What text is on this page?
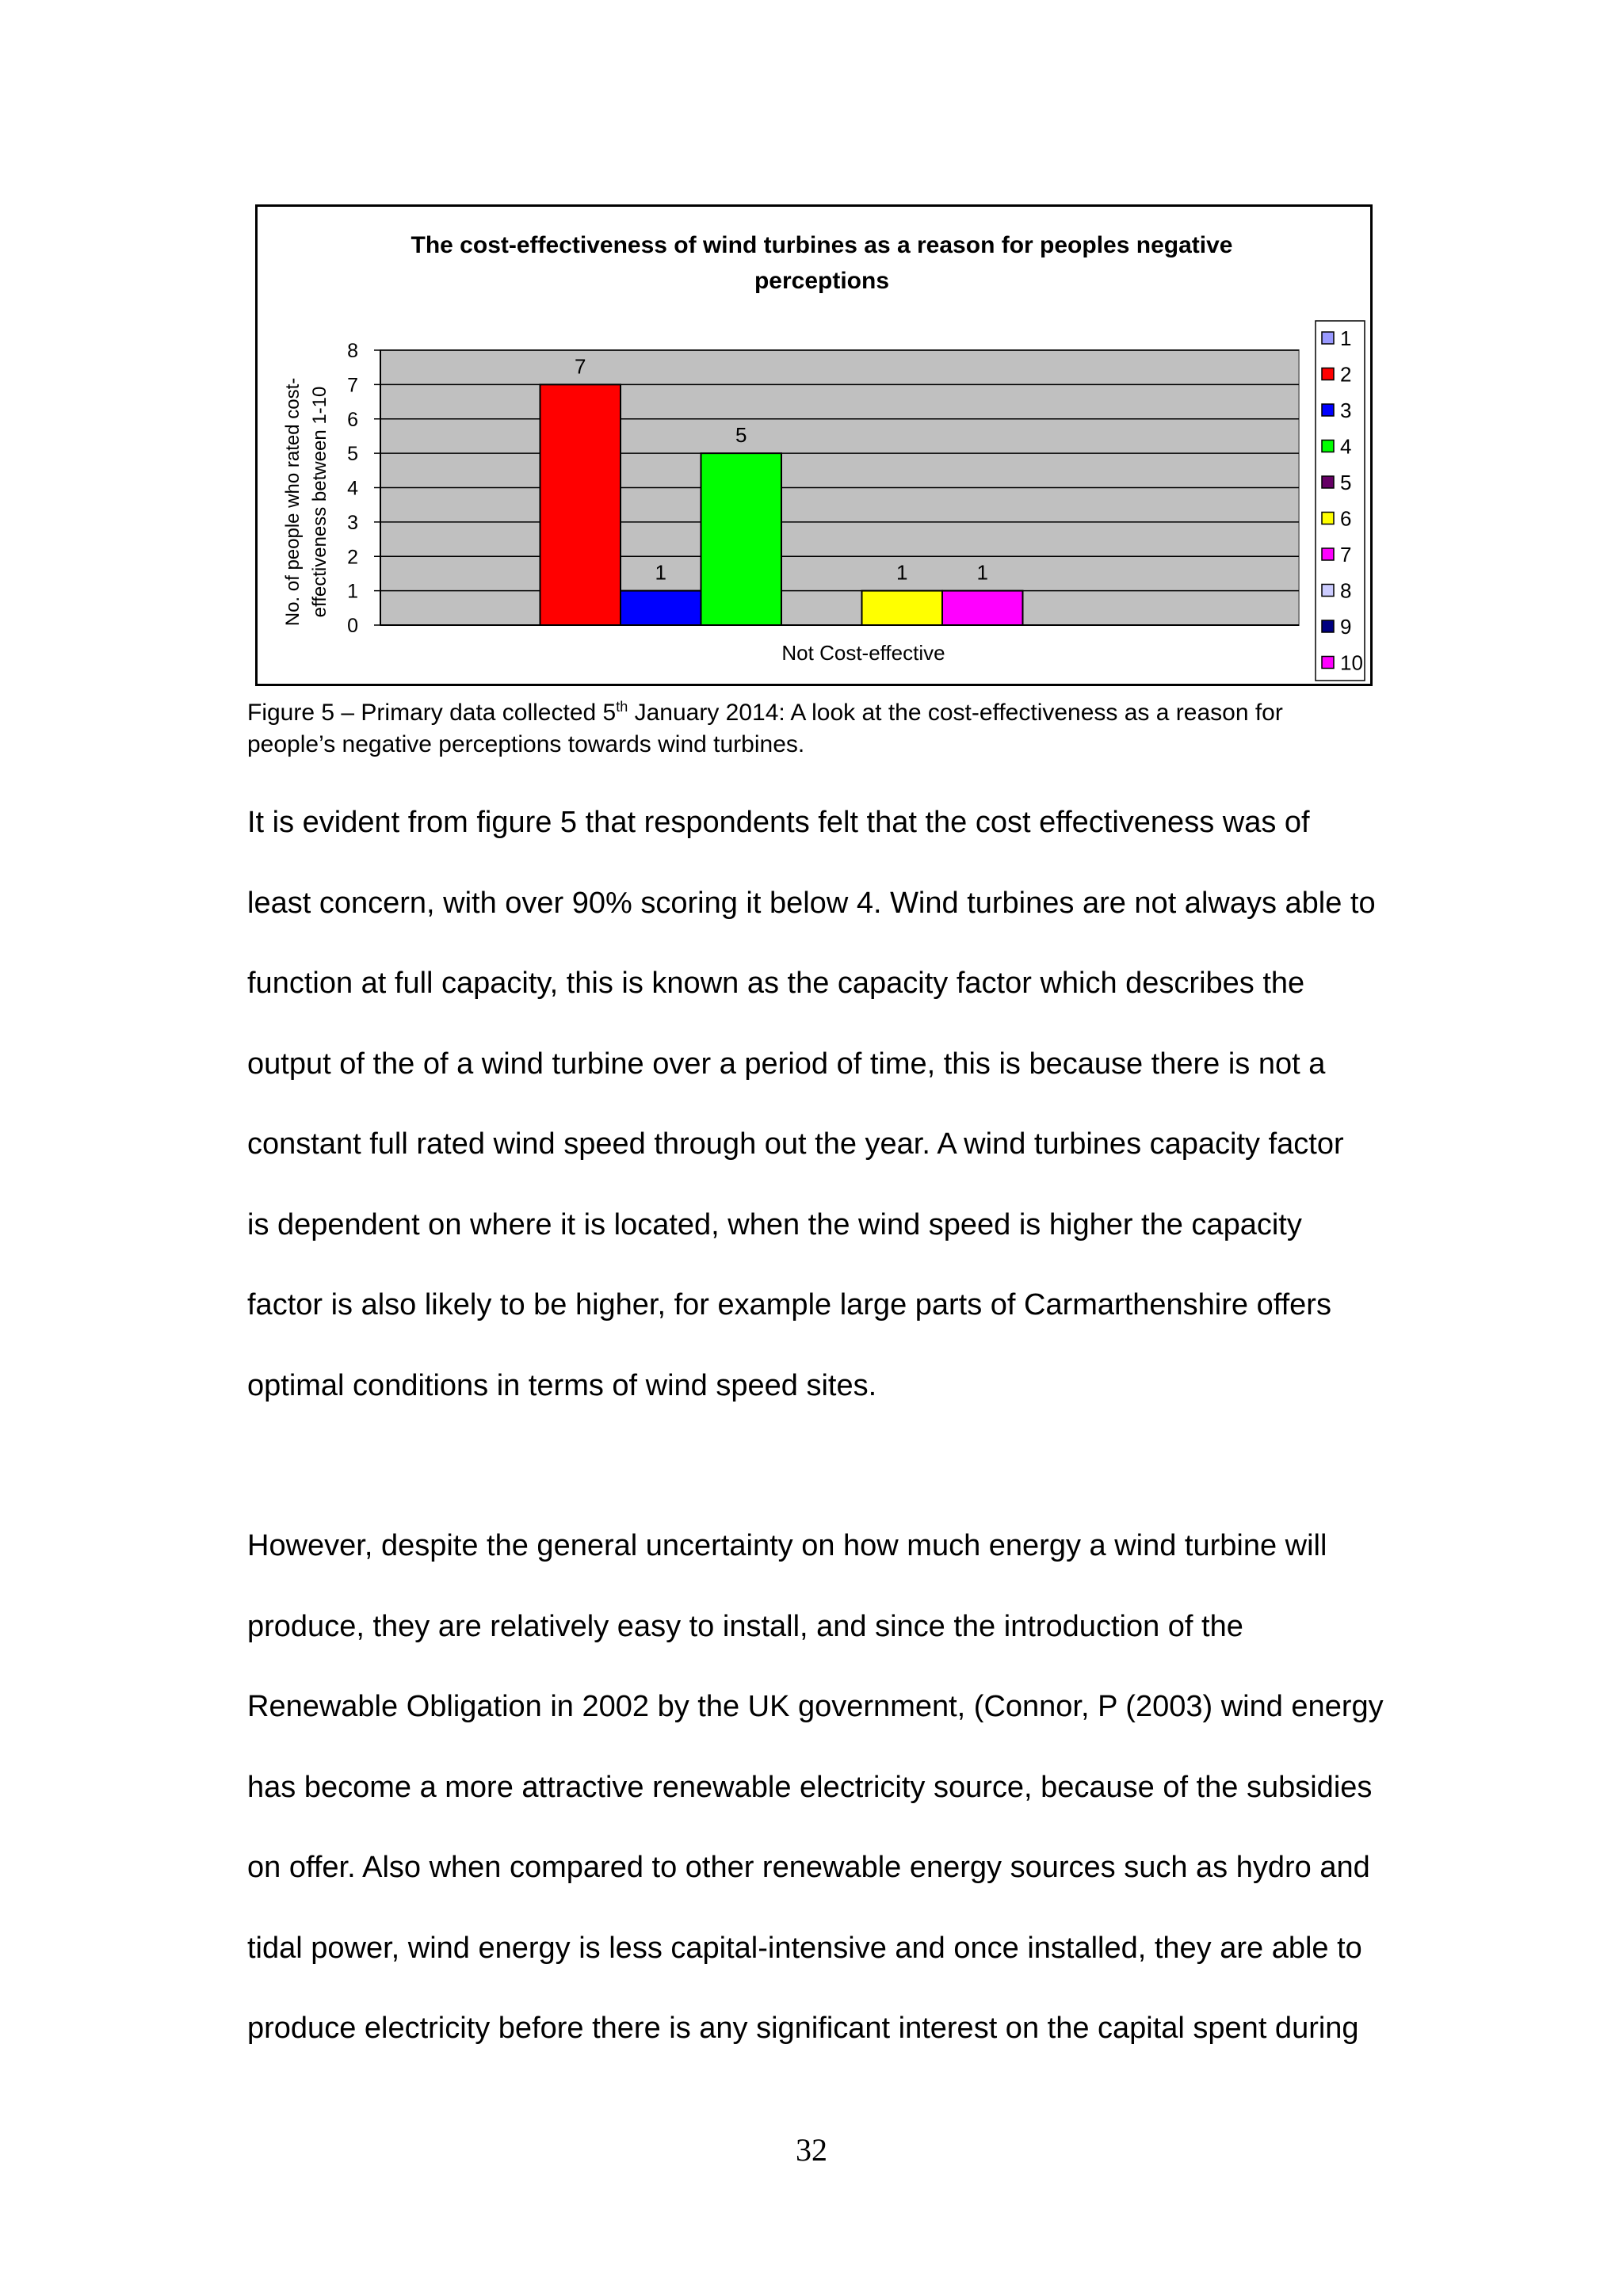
The cost-effectiveness of wind turbines as a reason for peoples negative
perceptions
0
1
2
3
4
5
6
7
8
No. of people who rated cost- effectiveness between 1-10
7
1
5
1	1
Not Cost-effective
1
2
3
4
5
6
7
8
9
10
Figure 5 – Primary data collected 5th January 2014: A look at the cost-effectiveness as a reason for
people’s negative perceptions towards wind turbines.

It is evident from figure 5 that respondents felt that the cost effectiveness was of

least concern, with over 90% scoring it below 4. Wind turbines are not always able to

function at full capacity, this is known as the capacity factor which describes the

output of the of a wind turbine over a period of time, this is because there is not a

constant full rated wind speed through out the year. A wind turbines capacity factor

is dependent on where it is located, when the wind speed is higher the capacity

factor is also likely to be higher, for example large parts of Carmarthenshire offers

optimal conditions in terms of wind speed sites.

However, despite the general uncertainty on how much energy a wind turbine will

produce, they are relatively easy to install, and since the introduction of the

Renewable Obligation in 2002 by the UK government, (Connor, P (2003) wind energy

has become a more attractive renewable electricity source, because of the subsidies

on offer. Also when compared to other renewable energy sources such as hydro and

tidal power, wind energy is less capital-intensive and once installed, they are able to

produce electricity before there is any significant interest on the capital spent during

32
